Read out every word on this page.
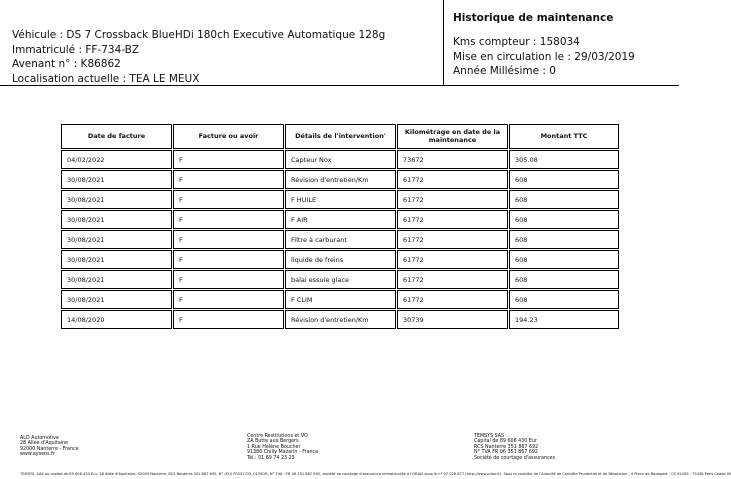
Véhicule : DS 7 Crossback BlueHDi 180ch Executive Automatique 128g
Immatriculé : FF-734-BZ
Avenant n° : K86862
Localisation actuelle : TEA LE MEUX
Historique de maintenance
Kms compteur : 158034
Mise en circulation le : 29/03/2019
Année Millésime : 0
Date de facture	Facture ou avoir	Détails de l'intervention'	Kilométrage en date de la maintenance	Montant TTC
04/02/2022	F	Capteur Nox	73672	305.08
30/08/2021	F	Révision d'entretien/Km	61772	608
30/08/2021	F	F HUILE	61772	608
30/08/2021	F	F AIR	61772	608
30/08/2021	F	Filtre à carburant	61772	608
30/08/2021	F	liquide de freins	61772	608
30/08/2021	F	balai essuie glace	61772	608
30/08/2021	F	F CLIM	61772	608
14/08/2020	F	Révision d'entretien/Km	30739	194.23
ALD Automotive
28 Allée d'Aquitaine
92000 Nanterre - France
www.aysens.fr
Centre Restitutions et VO
ZA Butte aux Bergers
1 Rue Hélène Boucher
91380 Chilly Mazarin - France
Tél.: 01 69 74 23 23
TEMSYS SAS
Capital de 89 606 430 Eur
RCS Nanterre 351 867 692
N° TVA FR 06 351 867 692
Société de courtage d'assurances
TEMSYS, SAS au capital de 89 606 430 Eur, 28 Allée d'Aquitaine, 92000 Nanterre, RCS Nanterre 351 867 692, N° (EU) FR231725_01YSGR, N° TVA : FR 06 351 867 692, société de courtage d'assurance immatriculée à l'ORIAS sous le n° 07 026 677 (http://www.orias.fr). Sous le contrôle de l'Autorité de Contrôle Prudentiel et de Résolution - 4 Place de Budapest - CS 92459 - 75436 Paris Cedex 09
